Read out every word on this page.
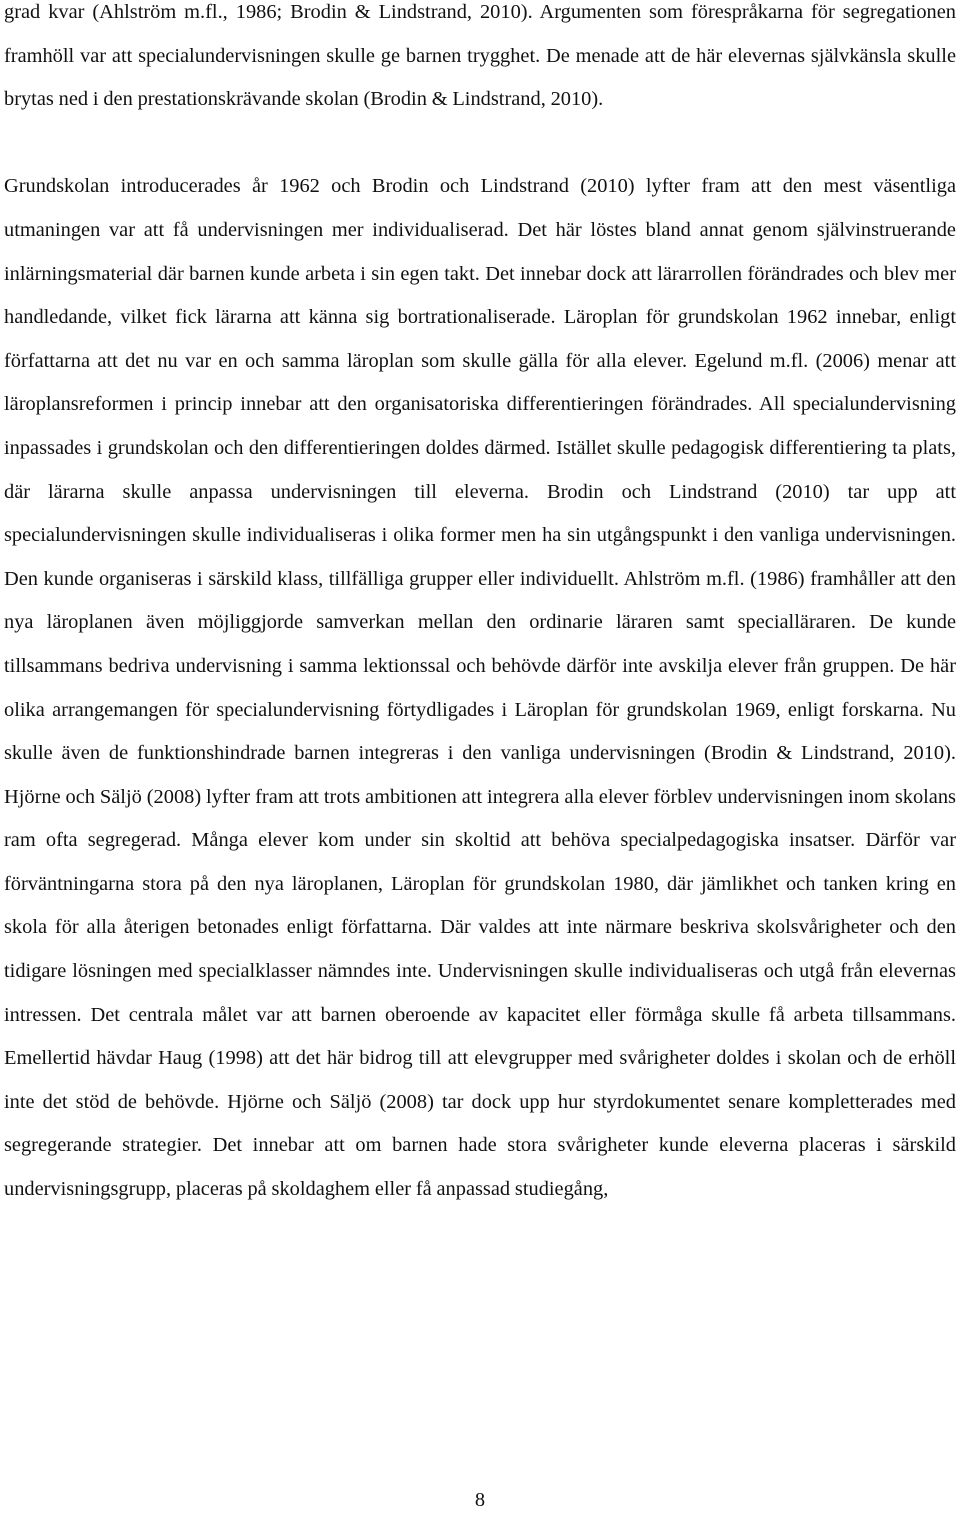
grad kvar (Ahlström m.fl., 1986; Brodin & Lindstrand, 2010). Argumenten som förespråkarna för segregationen framhöll var att specialundervisningen skulle ge barnen trygghet. De menade att de här elevernas självkänsla skulle brytas ned i den prestationskrävande skolan (Brodin & Lindstrand, 2010).

Grundskolan introducerades år 1962 och Brodin och Lindstrand (2010) lyfter fram att den mest väsentliga utmaningen var att få undervisningen mer individualiserad. Det här löstes bland annat genom självinstruerande inlärningsmaterial där barnen kunde arbeta i sin egen takt. Det innebar dock att lärarrollen förändrades och blev mer handledande, vilket fick lärarna att känna sig bortrationaliserade. Läroplan för grundskolan 1962 innebar, enligt författarna att det nu var en och samma läroplan som skulle gälla för alla elever. Egelund m.fl. (2006) menar att läroplansreformen i princip innebar att den organisatoriska differentieringen förändrades. All specialundervisning inpassades i grundskolan och den differentieringen doldes därmed. Istället skulle pedagogisk differentiering ta plats, där lärarna skulle anpassa undervisningen till eleverna. Brodin och Lindstrand (2010) tar upp att specialundervisningen skulle individualiseras i olika former men ha sin utgångspunkt i den vanliga undervisningen. Den kunde organiseras i särskild klass, tillfälliga grupper eller individuellt. Ahlström m.fl. (1986) framhåller att den nya läroplanen även möjliggjorde samverkan mellan den ordinarie läraren samt specialläraren. De kunde tillsammans bedriva undervisning i samma lektionssal och behövde därför inte avskilja elever från gruppen. De här olika arrangemangen för specialundervisning förtydligades i Läroplan för grundskolan 1969, enligt forskarna. Nu skulle även de funktionshindrade barnen integreras i den vanliga undervisningen (Brodin & Lindstrand, 2010). Hjörne och Säljö (2008) lyfter fram att trots ambitionen att integrera alla elever förblev undervisningen inom skolans ram ofta segregerad. Många elever kom under sin skoltid att behöva specialpedagogiska insatser. Därför var förväntningarna stora på den nya läroplanen, Läroplan för grundskolan 1980, där jämlikhet och tanken kring en skola för alla återigen betonades enligt författarna. Där valdes att inte närmare beskriva skolsvårigheter och den tidigare lösningen med specialklasser nämndes inte. Undervisningen skulle individualiseras och utgå från elevernas intressen. Det centrala målet var att barnen oberoende av kapacitet eller förmåga skulle få arbeta tillsammans. Emellertid hävdar Haug (1998) att det här bidrog till att elevgrupper med svårigheter doldes i skolan och de erhöll inte det stöd de behövde. Hjörne och Säljö (2008) tar dock upp hur styrdokumentet senare kompletterades med segregerande strategier. Det innebar att om barnen hade stora svårigheter kunde eleverna placeras i särskild undervisningsgrupp, placeras på skoldaghem eller få anpassad studiegång,

8
